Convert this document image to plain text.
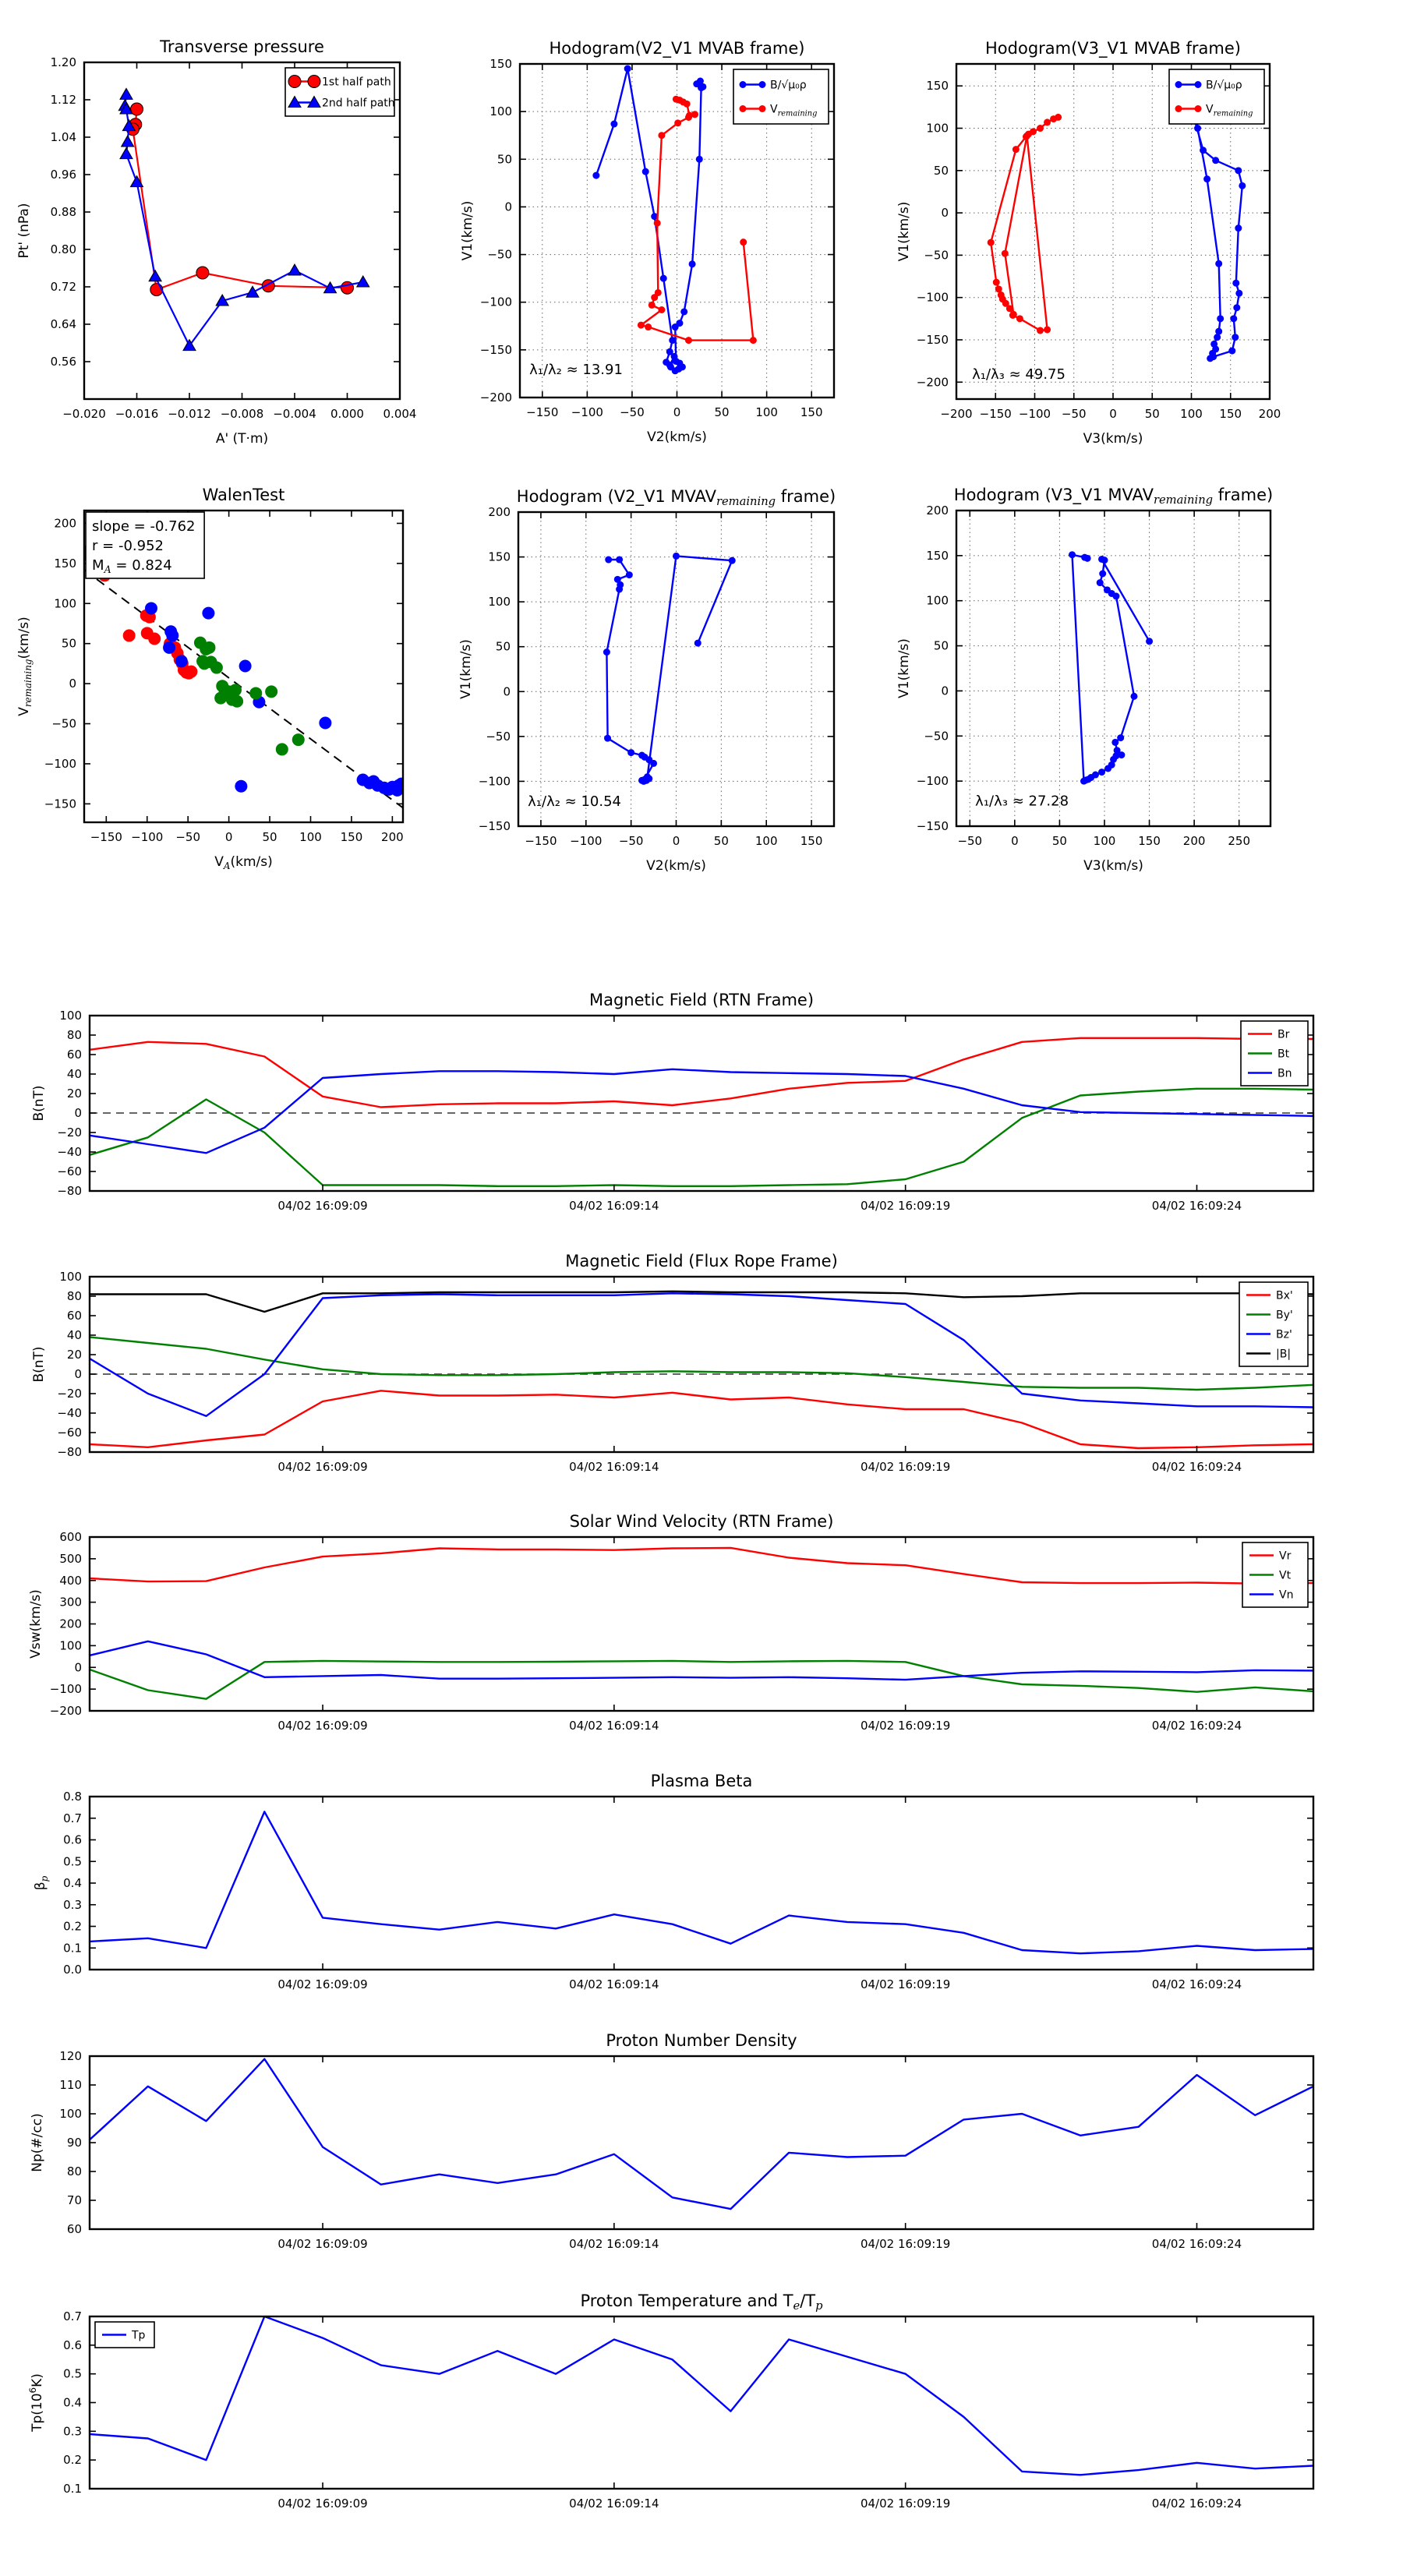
−0.020 −0.016 −0.012 −0.008 −0.004 0.000 0.004
0.56
0.64
0.72
0.80
0.88
0.96
1.04
1.12
1.20
Transverse pressure
A' (T·m)
Pt' (nPa)
1st half path
2nd half path
−150 −100 −50 0	50 100 150
−200
−150
−100
−50
0
50
100
150
Hodogram(V2_V1 MVAB frame)
V2(km/s)
V1(km/s)
B/√μ₀ρ
$V_{remaining}$
λ₁/λ₂ ≈ 13.91
−200 −150 −100 −50 0 50 100 150 200
−200
−150
−100
−50
0
50
100
150
Hodogram(V3_V1 MVAB frame)
V3(km/s)
V1(km/s)
B/√μ₀ρ
$V_{remaining}$
λ₁/λ₃ ≈ 49.75
−150 −100 −50 0	50 100 150 200
−150
−100
−50
0
50
100
150
200
WalenTest
$V_A(km/s)$
$V_{remaining}(km/s)$
slope = -0.762
r = -0.952
$M_A = 0.824$
−150 −100 −50 0	50 100 150
−150
−100
−50
0
50
100
150
200
Hodogram (V2_V1 MVAVremaining frame)
V2(km/s)
V1(km/s)
λ₁/λ₂ ≈ 10.54
−50 0	50 100 150 200 250
−150
−100
−50
0
50
100
150
200
Hodogram (V3_V1 MVAVremaining frame)
V3(km/s)
V1(km/s)
λ₁/λ₃ ≈ 27.28
04/02 16:09:09	04/02 16:09:14	04/02 16:09:19	04/02 16:09:24
−80
−60
−40
−20
0
20
40
60
80
100
Magnetic Field (RTN Frame)
B(nT)
Br
Bt
Bn
04/02 16:09:09	04/02 16:09:14	04/02 16:09:19	04/02 16:09:24
−80
−60
−40
−20
0
20
40
60
80
100
Magnetic Field (Flux Rope Frame)
B(nT)
Bx'
By'
Bz'
|B|
04/02 16:09:09	04/02 16:09:14	04/02 16:09:19	04/02 16:09:24
−200
−100
0
100
200
300
400
500
600
Solar Wind Velocity (RTN Frame)
Vsw(km/s)
Vr
Vt
Vn
04/02 16:09:09	04/02 16:09:14	04/02 16:09:19	04/02 16:09:24
0.0
0.1
0.2
0.3
0.4
0.5
0.6
0.7
0.8
Plasma Beta
$\beta_p$
04/02 16:09:09	04/02 16:09:14	04/02 16:09:19	04/02 16:09:24
60
70
80
90
100
110
120
Proton Number Density
Np(#/cc)
04/02 16:09:09	04/02 16:09:14	04/02 16:09:19	04/02 16:09:24
0.1
0.2
0.3
0.4
0.5
0.6
0.7
Proton Temperature and Te/Tp
$Tp(10^6K)$
Tp
